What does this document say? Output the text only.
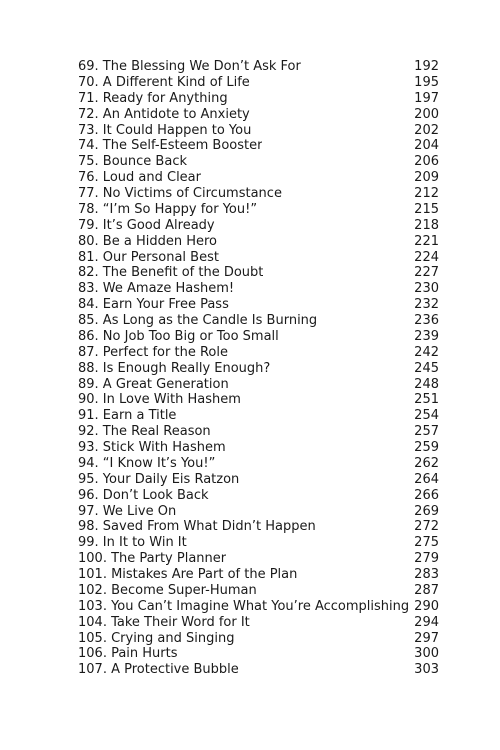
69. The Blessing We Don’t Ask For	192
70. A Different Kind of Life	195
71. Ready for Anything	197
72. An Antidote to Anxiety	200
73. It Could Happen to You	202
74. The Self-Esteem Booster	204
75. Bounce Back	206
76. Loud and Clear	209
77. No Victims of Circumstance	212
78. “I’m So Happy for You!”	215
79. It’s Good Already	218
80. Be a Hidden Hero	221
81. Our Personal Best	224
82. The Benefit of the Doubt	227
83. We Amaze Hashem!	230
84. Earn Your Free Pass	232
85. As Long as the Candle Is Burning	236
86. No Job Too Big or Too Small	239
87. Perfect for the Role	242
88. Is Enough Really Enough?	245
89. A Great Generation	248
90. In Love With Hashem	251
91. Earn a Title	254
92. The Real Reason	257
93. Stick With Hashem	259
94. “I Know It’s You!”	262
95. Your Daily Eis Ratzon	264
96. Don’t Look Back	266
97. We Live On	269
98. Saved From What Didn’t Happen	272
99. In It to Win It	275
100. The Party Planner	279
101. Mistakes Are Part of the Plan	283
102. Become Super-Human	287
103. You Can’t Imagine What You’re Accomplishing 290
104. Take Their Word for It	294
105. Crying and Singing	297
106. Pain Hurts	300
107. A Protective Bubble	303
